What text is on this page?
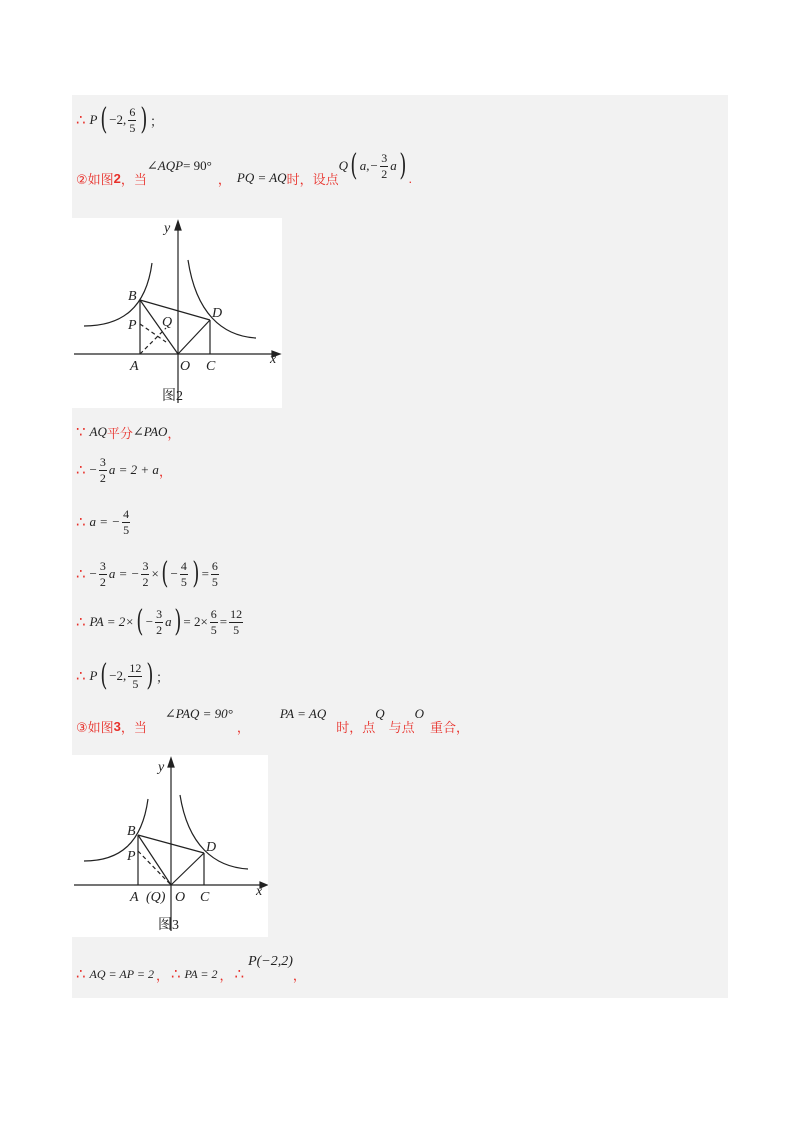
∴ P ( −2, $\frac{6}{5}$ ) ；
②如图 2 ，当
∠AQP = 90°
， PQ = AQ 时，设点
Q ( $a,- \frac{3}{2}$ a ) .
x
y
B
P Q
D
A	O C
图2
∵ AQ 平分 ∠PAO ，
∴ − $\frac{3}{2}$ a = 2 + a ，
∴ a = − $\frac{4}{5}$
∴ − $\frac{3}{2}$ a = − $\frac{3}{2}$ × ( − $\frac{4}{5}$ ) = $\frac{6}{5}$
∴ PA = 2× ( − $\frac{3}{2}$ a ) = $2\times \frac{6}{5} = \frac{12}{5}$
∴ P ( −2, $\frac{12}{5}$ ) ；
③如图 3 ，当
∠PAQ = 90°
，
PA = AQ
时，点
Q
与点
O
重合，
x
y
B
P
D
A (Q) O C
图3
∴ AQ = AP = 2 ， ∴ PA = 2 ， ∴
P(−2,2)
，
